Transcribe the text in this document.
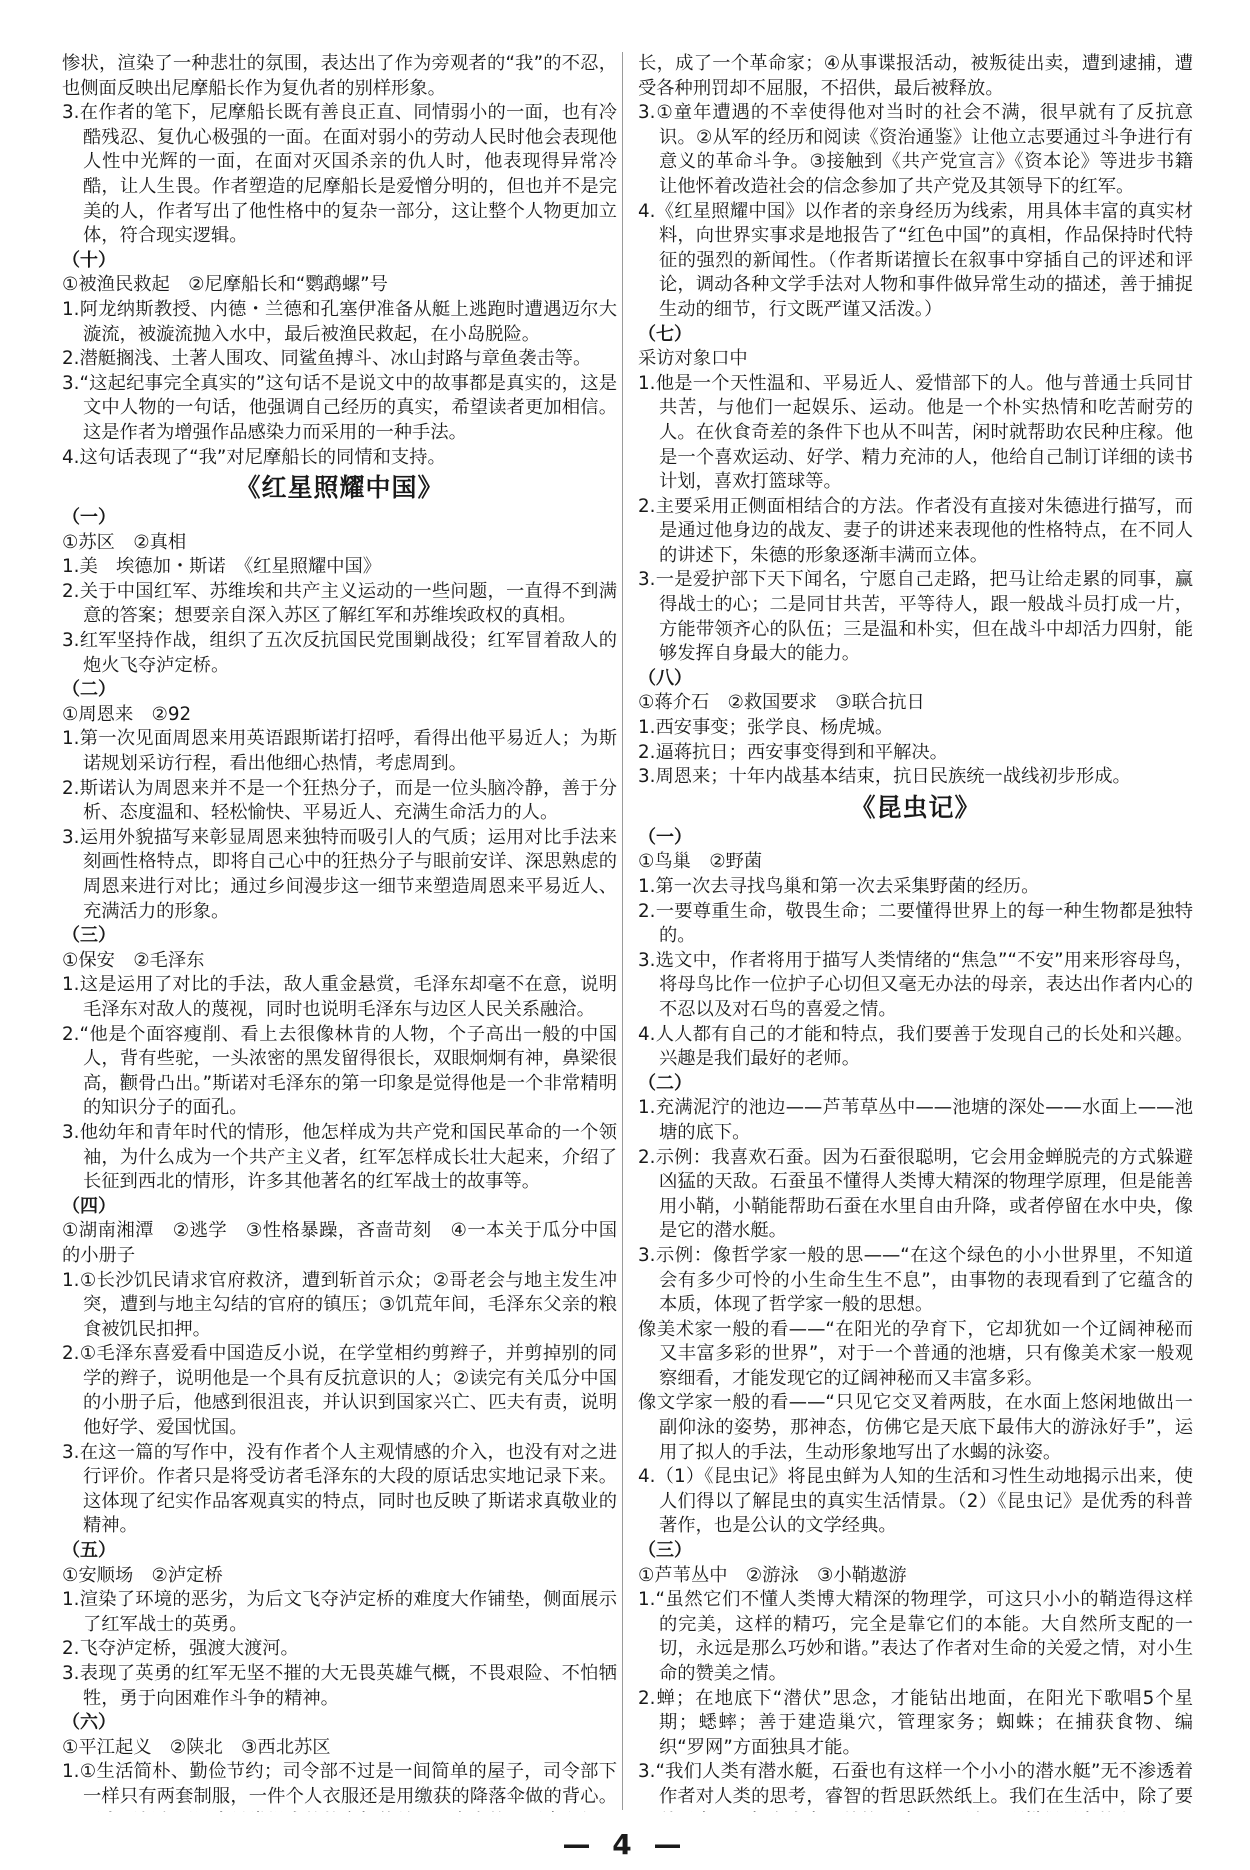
惨状，渲染了一种悲壮的氛围，表达出了作为旁观者的“我”的不忍，也侧面反映出尼摩船长作为复仇者的别样形象。

3.在作者的笔下，尼摩船长既有善良正直、同情弱小的一面，也有冷酷残忍、复仇心极强的一面。在面对弱小的劳动人民时他会表现他人性中光辉的一面，在面对灭国杀亲的仇人时，他表现得异常冷酷，让人生畏。作者塑造的尼摩船长是爱憎分明的，但也并不是完美的人，作者写出了他性格中的复杂一部分，这让整个人物更加立体，符合现实逻辑。

（十）

①被渔民救起　②尼摩船长和“鹦鹉螺”号

1.阿龙纳斯教授、内德・兰德和孔塞伊准备从艇上逃跑时遭遇迈尔大漩流，被漩流抛入水中，最后被渔民救起，在小岛脱险。

2.潜艇搁浅、土著人围攻、同鲨鱼搏斗、冰山封路与章鱼袭击等。

3.“这起纪事完全真实的”这句话不是说文中的故事都是真实的，这是文中人物的一句话，他强调自己经历的真实，希望读者更加相信。这是作者为增强作品感染力而采用的一种手法。

4.这句话表现了“我”对尼摩船长的同情和支持。

《红星照耀中国》

（一）

①苏区　②真相

1.美　埃德加・斯诺　《红星照耀中国》

2.关于中国红军、苏维埃和共产主义运动的一些问题，一直得不到满意的答案；想要亲自深入苏区了解红军和苏维埃政权的真相。

3.红军坚持作战，组织了五次反抗国民党围剿战役；红军冒着敌人的炮火飞夺泸定桥。

（二）

①周恩来　②92

1.第一次见面周恩来用英语跟斯诺打招呼，看得出他平易近人；为斯诺规划采访行程，看出他细心热情，考虑周到。

2.斯诺认为周恩来并不是一个狂热分子，而是一位头脑冷静，善于分析、态度温和、轻松愉快、平易近人、充满生命活力的人。

3.运用外貌描写来彰显周恩来独特而吸引人的气质；运用对比手法来刻画性格特点，即将自己心中的狂热分子与眼前安详、深思熟虑的周恩来进行对比；通过乡间漫步这一细节来塑造周恩来平易近人、充满活力的形象。

（三）

①保安　②毛泽东

1.这是运用了对比的手法，敌人重金悬赏，毛泽东却毫不在意，说明毛泽东对敌人的蔑视，同时也说明毛泽东与边区人民关系融洽。

2.“他是个面容瘦削、看上去很像林肯的人物，个子高出一般的中国人，背有些驼，一头浓密的黑发留得很长，双眼炯炯有神，鼻梁很高，颧骨凸出。”斯诺对毛泽东的第一印象是觉得他是一个非常精明的知识分子的面孔。

3.他幼年和青年时代的情形，他怎样成为共产党和国民革命的一个领袖，为什么成为一个共产主义者，红军怎样成长壮大起来，介绍了长征到西北的情形，许多其他著名的红军战士的故事等。

（四）

①湖南湘潭　②逃学　③性格暴躁，吝啬苛刻　④一本关于瓜分中国的小册子

1.①长沙饥民请求官府救济，遭到斩首示众；②哥老会与地主发生冲突，遭到与地主勾结的官府的镇压；③饥荒年间，毛泽东父亲的粮食被饥民扣押。

2.①毛泽东喜爱看中国造反小说，在学堂相约剪辫子，并剪掉别的同学的辫子，说明他是一个具有反抗意识的人；②读完有关瓜分中国的小册子后，他感到很沮丧，并认识到国家兴亡、匹夫有责，说明他好学、爱国忧国。

3.在这一篇的写作中，没有作者个人主观情感的介入，也没有对之进行评价。作者只是将受访者毛泽东的大段的原话忠实地记录下来。这体现了纪实作品客观真实的特点，同时也反映了斯诺求真敬业的精神。

（五）

①安顺场　②泸定桥

1.渲染了环境的恶劣，为后文飞夺泸定桥的难度大作铺垫，侧面展示了红军战士的英勇。

2.飞夺泸定桥，强渡大渡河。

3.表现了英勇的红军无坚不摧的大无畏英雄气概，不畏艰险、不怕牺牲，勇于向困难作斗争的精神。

（六）

①平江起义　②陕北　③西北苏区

1.①生活简朴、勤俭节约；司令部不过是一间简单的屋子，司令部下一样只有两套制服，一件个人衣服还是用缴获的降落伞做的背心。

长，成了一个革命家；④从事谍报活动，被叛徒出卖，遭到逮捕，遭受各种刑罚却不屈服，不招供，最后被释放。

3.①童年遭遇的不幸使得他对当时的社会不满，很早就有了反抗意识。②从军的经历和阅读《资治通鉴》让他立志要通过斗争进行有意义的革命斗争。③接触到《共产党宣言》《资本论》等进步书籍让他怀着改造社会的信念参加了共产党及其领导下的红军。

4.《红星照耀中国》以作者的亲身经历为线索，用具体丰富的真实材料，向世界实事求是地报告了“红色中国”的真相，作品保持时代特征的强烈的新闻性。（作者斯诺擅长在叙事中穿插自己的评述和评论，调动各种文学手法对人物和事件做异常生动的描述，善于捕捉生动的细节，行文既严谨又活泼。）

（七）

采访对象口中

1.他是一个天性温和、平易近人、爱惜部下的人。他与普通士兵同甘共苦，与他们一起娱乐、运动。他是一个朴实热情和吃苦耐劳的人。在伙食奇差的条件下也从不叫苦，闲时就帮助农民种庄稼。他是一个喜欢运动、好学、精力充沛的人，他给自己制订详细的读书计划，喜欢打篮球等。

2.主要采用正侧面相结合的方法。作者没有直接对朱德进行描写，而是通过他身边的战友、妻子的讲述来表现他的性格特点，在不同人的讲述下，朱德的形象逐渐丰满而立体。

3.一是爱护部下天下闻名，宁愿自己走路，把马让给走累的同事，赢得战士的心；二是同甘共苦，平等待人，跟一般战斗员打成一片，方能带领齐心的队伍；三是温和朴实，但在战斗中却活力四射，能够发挥自身最大的能力。

（八）

①蒋介石　②救国要求　③联合抗日

1.西安事变；张学良、杨虎城。

2.逼蒋抗日；西安事变得到和平解决。

3.周恩来；十年内战基本结束，抗日民族统一战线初步形成。

《昆虫记》

（一）

①鸟巢　②野菌

1.第一次去寻找鸟巢和第一次去采集野菌的经历。

2.一要尊重生命，敬畏生命；二要懂得世界上的每一种生物都是独特的。

3.选文中，作者将用于描写人类情绪的“焦急”“不安”用来形容母鸟，将母鸟比作一位护子心切但又毫无办法的母亲，表达出作者内心的不忍以及对石鸟的喜爱之情。

4.人人都有自己的才能和特点，我们要善于发现自己的长处和兴趣。兴趣是我们最好的老师。

（二）

1.充满泥泞的池边——芦苇草丛中——池塘的深处——水面上——池塘的底下。

2.示例：我喜欢石蚕。因为石蚕很聪明，它会用金蝉脱壳的方式躲避凶猛的天敌。石蚕虽不懂得人类博大精深的物理学原理，但是能善用小鞘，小鞘能帮助石蚕在水里自由升降，或者停留在水中央，像是它的潜水艇。

3.示例：像哲学家一般的思——“在这个绿色的小小世界里，不知道会有多少可怜的小生命生生不息”，由事物的表现看到了它蕴含的本质，体现了哲学家一般的思想。

像美术家一般的看——“在阳光的孕育下，它却犹如一个辽阔神秘而又丰富多彩的世界”，对于一个普通的池塘，只有像美术家一般观察细看，才能发现它的辽阔神秘而又丰富多彩。

像文学家一般的看——“只见它交叉着两肢，在水面上悠闲地做出一副仰泳的姿势，那神态，仿佛它是天底下最伟大的游泳好手”，运用了拟人的手法，生动形象地写出了水蝎的泳姿。

4.（1）《昆虫记》将昆虫鲜为人知的生活和习性生动地揭示出来，使人们得以了解昆虫的真实生活情景。（2）《昆虫记》是优秀的科普著作，也是公认的文学经典。

（三）

①芦苇丛中　②游泳　③小鞘遨游

1.“虽然它们不懂人类博大精深的物理学，可这只小小的鞘造得这样的完美，这样的精巧，完全是靠它们的本能。大自然所支配的一切，永远是那么巧妙和谐。”表达了作者对生命的关爱之情，对小生命的赞美之情。

2.蝉；在地底下“潜伏”思念，才能钻出地面，在阳光下歌唱5个星期；蟋蟀；善于建造巢穴，管理家务；蜘蛛；在捕获食物、编织“罗网”方面独具才能。

3.“我们人类有潜水艇，石蚕也有这样一个小小的潜水艇”无不渗透着作者对人类的思考，睿智的哲思跃然纸上。我们在生活中，除了要

— 4 —
